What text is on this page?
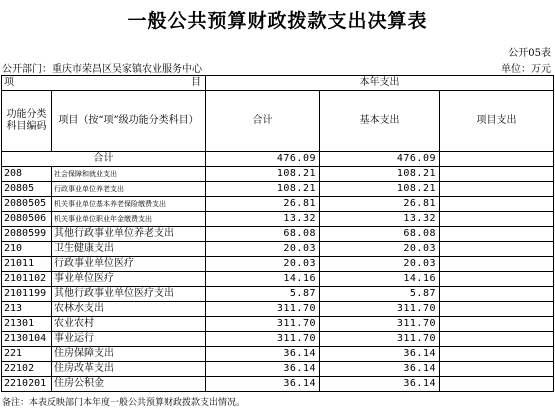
一般公共预算财政拨款支出决算表
公开05表
公开部门：重庆市荣昌区吴家镇农业服务中心	单位：万元
项 目		本年支出		
功能分类科目编码	项目（按“项”级功能分类科目）	合计	基本支出	项目支出
合计		476.09	476.09	
208	社会保障和就业支出	108.21	108.21	
20805	行政事业单位养老支出	108.21	108.21	
2080505	机关事业单位基本养老保险缴费支出	26.81	26.81	
2080506	机关事业单位职业年金缴费支出	13.32	13.32	
2080599	其他行政事业单位养老支出	68.08	68.08	
210	卫生健康支出	20.03	20.03	
21011	行政事业单位医疗	20.03	20.03	
2101102	事业单位医疗	14.16	14.16	
2101199	其他行政事业单位医疗支出	5.87	5.87	
213	农林水支出	311.70	311.70	
21301	农业农村	311.70	311.70	
2130104	事业运行	311.70	311.70	
221	住房保障支出	36.14	36.14	
22102	住房改革支出	36.14	36.14	
2210201	住房公积金	36.14	36.14	
备注：本表反映部门本年度一般公共预算财政拨款支出情况。
